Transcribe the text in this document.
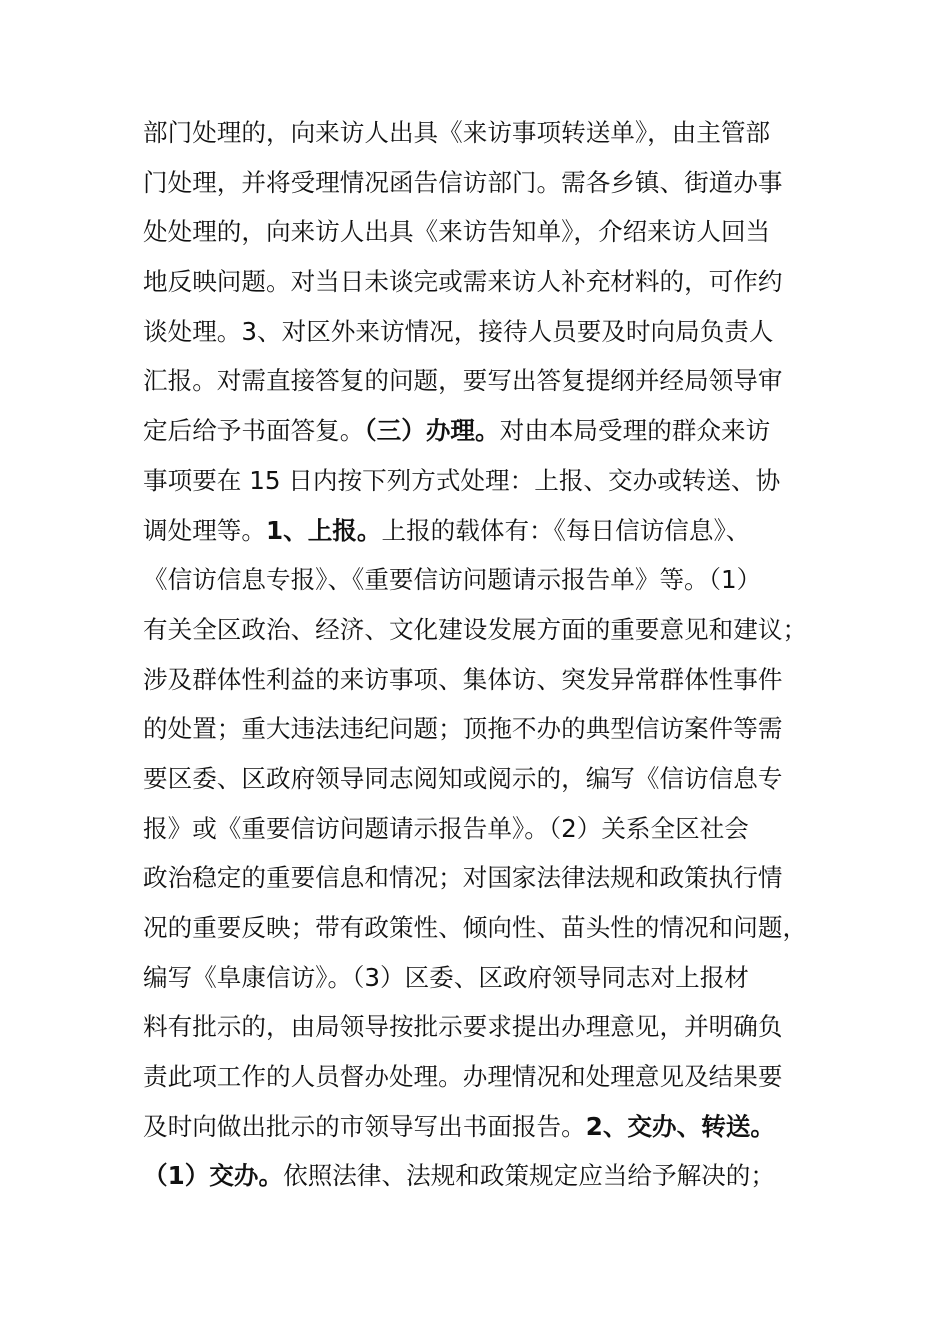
部门处理的，向来访人出具《来访事项转送单》，由主管部
门处理，并将受理情况函告信访部门。需各乡镇、街道办事
处处理的，向来访人出具《来访告知单》，介绍来访人回当
地反映问题。对当日未谈完或需来访人补充材料的，可作约
谈处理。3、对区外来访情况，接待人员要及时向局负责人
汇报。对需直接答复的问题，要写出答复提纲并经局领导审
定后给予书面答复。（三）办理。对由本局受理的群众来访
事项要在 15 日内按下列方式处理：上报、交办或转送、协
调处理等。1、上报。上报的载体有：《每日信访信息》、
《信访信息专报》、《重要信访问题请示报告单》等。（1）
有关全区政治、经济、文化建设发展方面的重要意见和建议；
涉及群体性利益的来访事项、集体访、突发异常群体性事件
的处置；重大违法违纪问题；顶拖不办的典型信访案件等需
要区委、区政府领导同志阅知或阅示的，编写《信访信息专
报》或《重要信访问题请示报告单》。（2）关系全区社会
政治稳定的重要信息和情况；对国家法律法规和政策执行情
况的重要反映；带有政策性、倾向性、苗头性的情况和问题，
编写《阜康信访》。（3）区委、区政府领导同志对上报材
料有批示的，由局领导按批示要求提出办理意见，并明确负
责此项工作的人员督办处理。办理情况和处理意见及结果要
及时向做出批示的市领导写出书面报告。2、交办、转送。
（1）交办。依照法律、法规和政策规定应当给予解决的；
